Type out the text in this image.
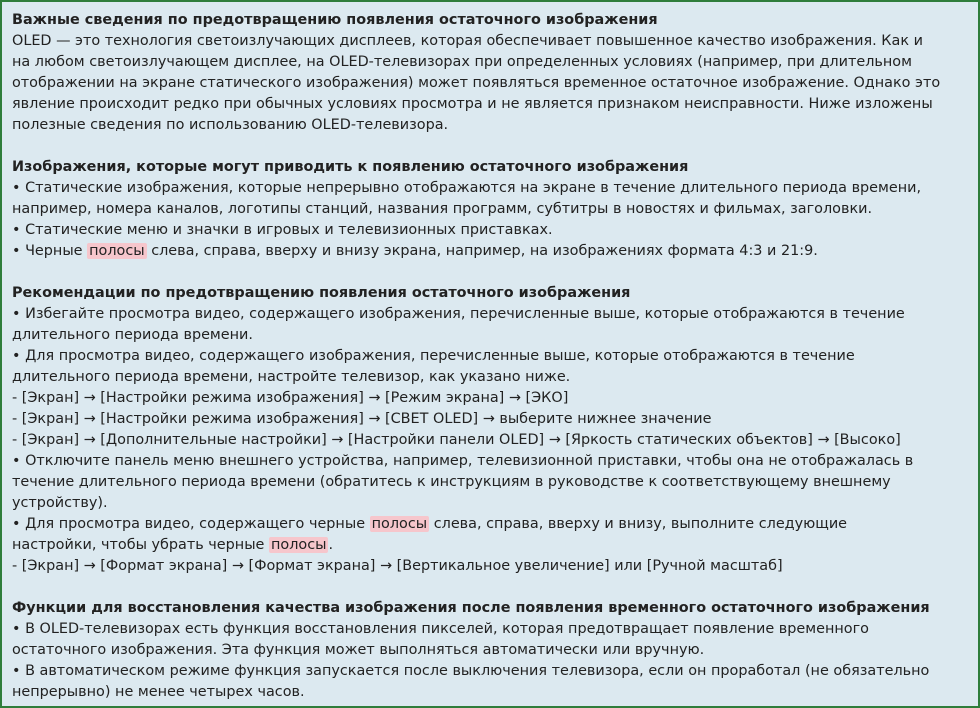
Важные сведения по предотвращению появления остаточного изображения

OLED — это технология светоизлучающих дисплеев, которая обеспечивает повышенное качество изображения. Как и

на любом светоизлучающем дисплее, на OLED-телевизорах при определенных условиях (например, при длительном

отображении на экране статического изображения) может появляться временное остаточное изображение. Однако это

явление происходит редко при обычных условиях просмотра и не является признаком неисправности. Ниже изложены

полезные сведения по использованию OLED-телевизора.

Изображения, которые могут приводить к появлению остаточного изображения

• Статические изображения, которые непрерывно отображаются на экране в течение длительного периода времени,

например, номера каналов, логотипы станций, названия программ, субтитры в новостях и фильмах, заголовки.

• Статические меню и значки в игровых и телевизионных приставках.

• Черные полосы слева, справа, вверху и внизу экрана, например, на изображениях формата 4:3 и 21:9.

Рекомендации по предотвращению появления остаточного изображения

• Избегайте просмотра видео, содержащего изображения, перечисленные выше, которые отображаются в течение

длительного периода времени.

• Для просмотра видео, содержащего изображения, перечисленные выше, которые отображаются в течение

длительного периода времени, настройте телевизор, как указано ниже.

- [Экран] → [Настройки режима изображения] → [Режим экрана] → [ЭКО]

- [Экран] → [Настройки режима изображения] → [СВЕТ OLED] → выберите нижнее значение

- [Экран] → [Дополнительные настройки] → [Настройки панели OLED] → [Яркость статических объектов] → [Высоко]

• Отключите панель меню внешнего устройства, например, телевизионной приставки, чтобы она не отображалась в

течение длительного периода времени (обратитесь к инструкциям в руководстве к соответствующему внешнему

устройству).

• Для просмотра видео, содержащего черные полосы слева, справа, вверху и внизу, выполните следующие

настройки, чтобы убрать черные полосы .

- [Экран] → [Формат экрана] → [Формат экрана] → [Вертикальное увеличение] или [Ручной масштаб]

Функции для восстановления качества изображения после появления временного остаточного изображения

• В OLED-телевизорах есть функция восстановления пикселей, которая предотвращает появление временного

остаточного изображения. Эта функция может выполняться автоматически или вручную.

• В автоматическом режиме функция запускается после выключения телевизора, если он проработал (не обязательно

непрерывно) не менее четырех часов.
